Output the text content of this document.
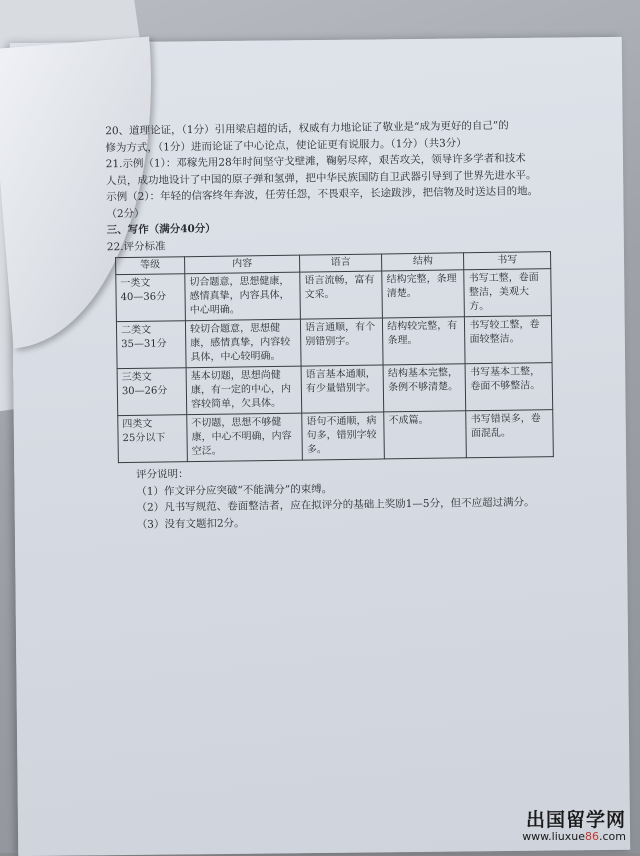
20、道理论证，（1分）引用梁启超的话，权威有力地论证了敬业是“成为更好的自己”的

修为方式，（1分）进而论证了中心论点，使论证更有说服力。（1分）（共3分）

21.示例（1）：邓稼先用28年时间坚守戈壁滩，鞠躬尽瘁，艰苦攻关，领导许多学者和技术

人员，成功地设计了中国的原子弹和氢弹，把中华民族国防自卫武器引导到了世界先进水平。

示例（2）：年轻的信客终年奔波，任劳任怨，不畏艰辛，长途跋涉，把信物及时送达目的地。

（2分）

三、写作（满分40分）

22.评分标准

等级	内容	语言	结构	书写
一类文
40—36分	切合题意，思想健康，感情真挚，内容具体，中心明确。	语言流畅，富有文采。	结构完整，条理清楚。	书写工整，卷面整洁，美观大方。
二类文
35—31分	较切合题意，思想健康，感情真挚，内容较具体，中心较明确。	语言通顺，有个别错别字。	结构较完整，有条理。	书写较工整，卷面较整洁。
三类文
30—26分	基本切题，思想尚健康，有一定的中心，内容较简单，欠具体。	语言基本通顺，有少量错别字。	结构基本完整，条例不够清楚。	书写基本工整，卷面不够整洁。
四类文
25分以下	不切题，思想不够健康，中心不明确，内容空泛。	语句不通顺，病句多，错别字较多。	不成篇。	书写错误多，卷面混乱。

评分说明：

（1）作文评分应突破“不能满分”的束缚。

（2）凡书写规范、卷面整洁者，应在拟评分的基础上奖励1—5分，但不应超过满分。

（3）没有文题扣2分。

出国留学网
www.liuxue86.com
